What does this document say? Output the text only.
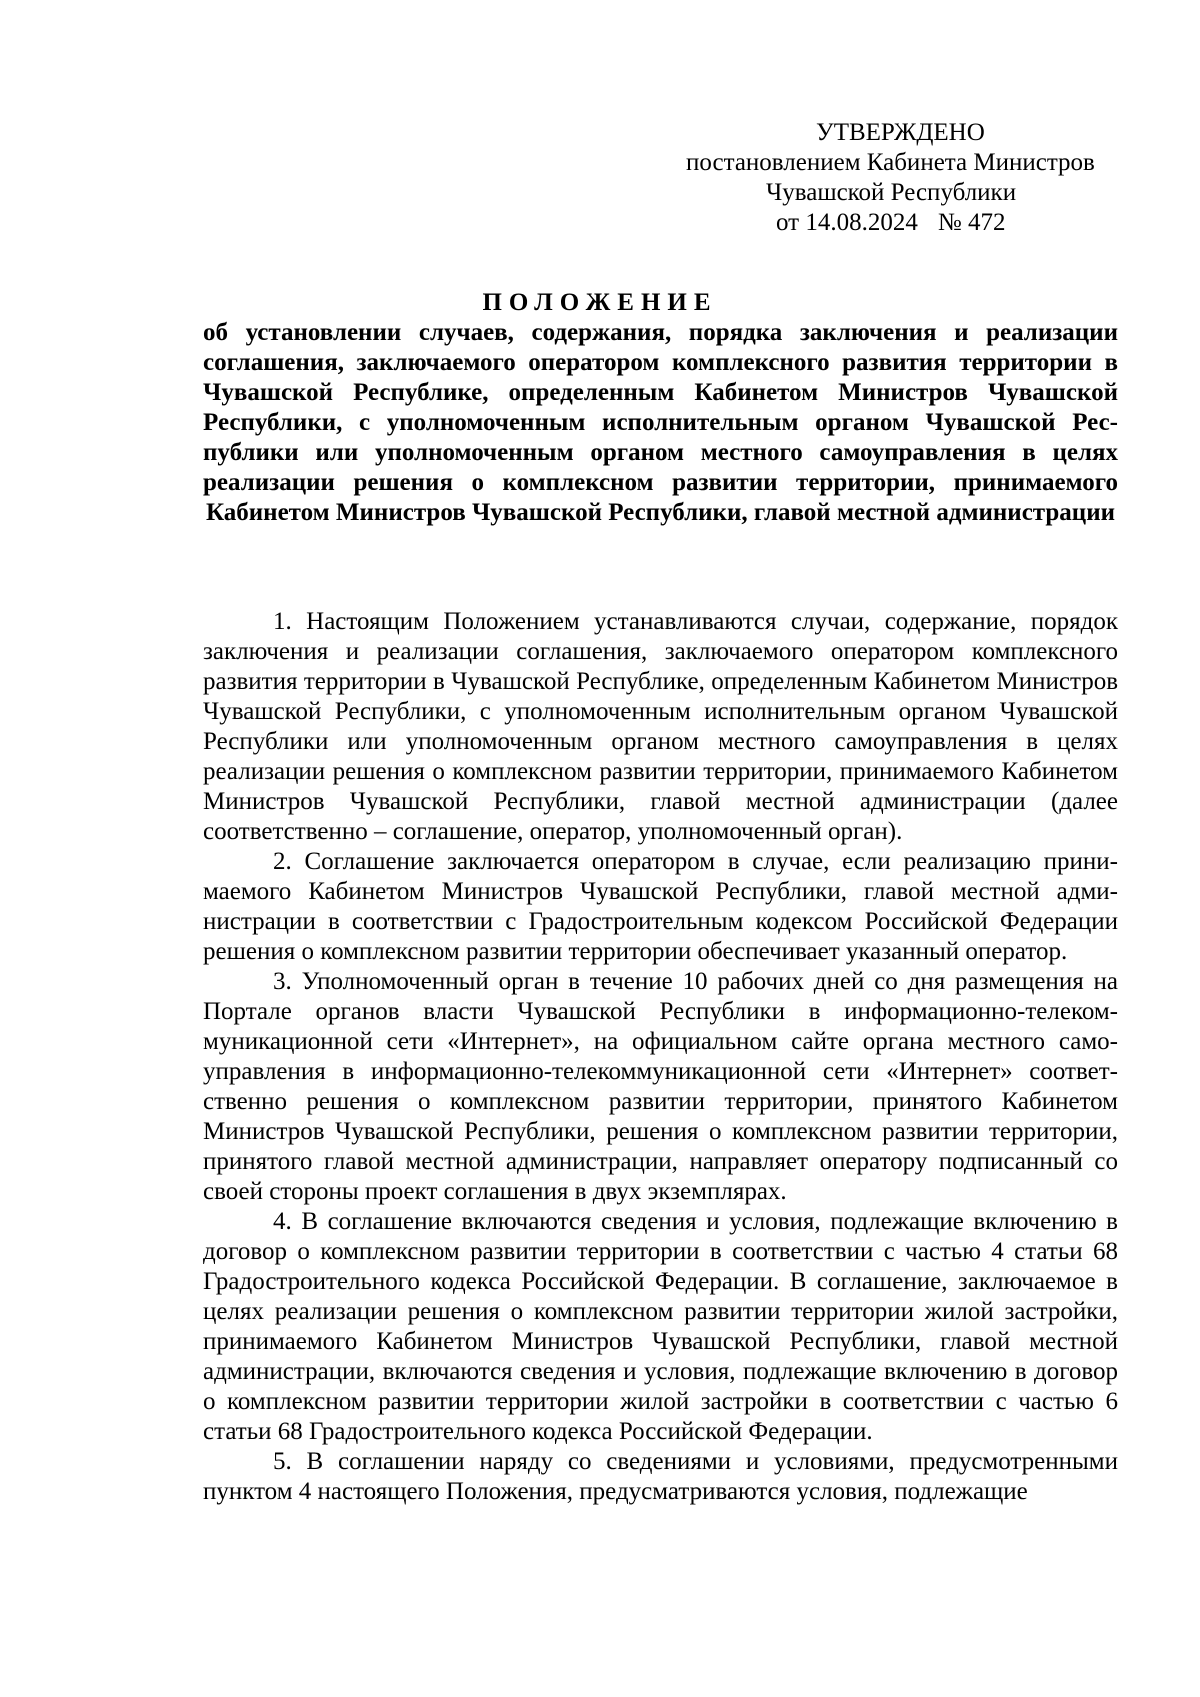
УТВЕРЖДЕНО
постановлением Кабинета Министров
Чувашской Республики
от 14.08.2024 № 472
ПОЛОЖЕНИЕ
об установлении случаев, содержания, порядка заключения и реализации соглашения, заключаемого оператором комплексного развития территории в Чувашской Республике, определенным Кабинетом Министров Чувашской Республики, с уполномоченным исполнительным органом Чувашской Республики или уполномоченным органом местного самоуправления в целях реализации решения о комплексном развитии территории, принимаемого Кабинетом Министров Чувашской Республики, главой местной администрации

1. Настоящим Положением устанавливаются случаи, содержание, порядок заключения и реализации соглашения, заключаемого оператором комплексного развития территории в Чувашской Республике, определенным Кабинетом Министров Чувашской Республики, с уполномоченным исполнительным органом Чувашской Республики или уполномоченным органом местного самоуправления в целях реализации решения о комплексном развитии территории, принимаемого Кабинетом Министров Чувашской Республики, главой местной администрации (далее соответственно – соглашение, оператор, уполномоченный орган).

2. Соглашение заключается оператором в случае, если реализацию принимаемого Кабинетом Министров Чувашской Республики, главой местной администрации в соответствии с Градостроительным кодексом Российской Федерации решения о комплексном развитии территории обеспечивает указанный оператор.

3. Уполномоченный орган в течение 10 рабочих дней со дня размещения на Портале органов власти Чувашской Республики в информационно-телекоммуникационной сети «Интернет», на официальном сайте органа местного самоуправления в информационно-телекоммуникационной сети «Интернет» соответственно решения о комплексном развитии территории, принятого Кабинетом Министров Чувашской Республики, решения о комплексном развитии территории, принятого главой местной администрации, направляет оператору подписанный со своей стороны проект соглашения в двух экземплярах.

4. В соглашение включаются сведения и условия, подлежащие включению в договор о комплексном развитии территории в соответствии с частью 4 статьи 68 Градостроительного кодекса Российской Федерации. В соглашение, заключаемое в целях реализации решения о комплексном развитии территории жилой застройки, принимаемого Кабинетом Министров Чувашской Республики, главой местной администрации, включаются сведения и условия, подлежащие включению в договор о комплексном развитии территории жилой застройки в соответствии с частью 6 статьи 68 Градостроительного кодекса Российской Федерации.

5. В соглашении наряду со сведениями и условиями, предусмотренными пунктом 4 настоящего Положения, предусматриваются условия, подлежащие
